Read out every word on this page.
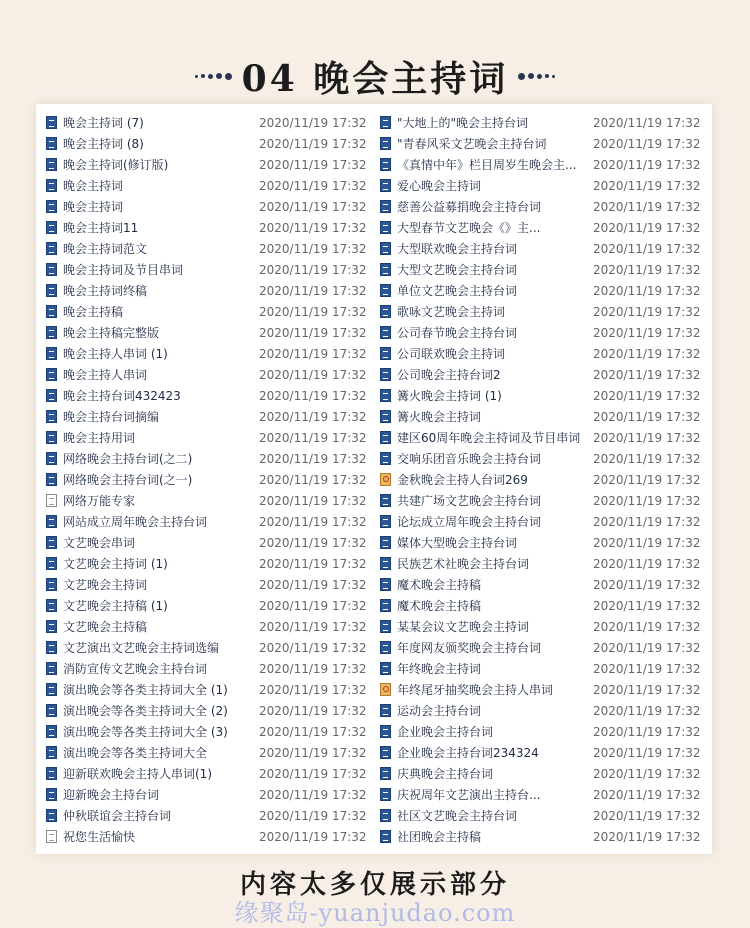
04 晚会主持词
晚会主持词 (7)	2020/11/19 17:32
晚会主持词 (8)	2020/11/19 17:32
晚会主持词(修订版)	2020/11/19 17:32
晚会主持词	2020/11/19 17:32
晚会主持词	2020/11/19 17:32
晚会主持词11	2020/11/19 17:32
晚会主持词范文	2020/11/19 17:32
晚会主持词及节目串词	2020/11/19 17:32
晚会主持词终稿	2020/11/19 17:32
晚会主持稿	2020/11/19 17:32
晚会主持稿完整版	2020/11/19 17:32
晚会主持人串词 (1)	2020/11/19 17:32
晚会主持人串词	2020/11/19 17:32
晚会主持台词432423	2020/11/19 17:32
晚会主持台词摘编	2020/11/19 17:32
晚会主持用词	2020/11/19 17:32
网络晚会主持台词(之二)	2020/11/19 17:32
网络晚会主持台词(之一)	2020/11/19 17:32
网络万能专家	2020/11/19 17:32
网站成立周年晚会主持台词	2020/11/19 17:32
文艺晚会串词	2020/11/19 17:32
文艺晚会主持词 (1)	2020/11/19 17:32
文艺晚会主持词	2020/11/19 17:32
文艺晚会主持稿 (1)	2020/11/19 17:32
文艺晚会主持稿	2020/11/19 17:32
文艺演出文艺晚会主持词选编	2020/11/19 17:32
消防宣传文艺晚会主持台词	2020/11/19 17:32
演出晚会等各类主持词大全 (1)	2020/11/19 17:32
演出晚会等各类主持词大全 (2)	2020/11/19 17:32
演出晚会等各类主持词大全 (3)	2020/11/19 17:32
演出晚会等各类主持词大全	2020/11/19 17:32
迎新联欢晚会主持人串词(1)	2020/11/19 17:32
迎新晚会主持台词	2020/11/19 17:32
仲秋联谊会主持台词	2020/11/19 17:32
祝您生活愉快	2020/11/19 17:32
"大地上的"晚会主持台词	2020/11/19 17:32
"青春风采文艺晚会主持台词	2020/11/19 17:32
《真情中年》栏目周岁生晚会主...	2020/11/19 17:32
爱心晚会主持词	2020/11/19 17:32
慈善公益募捐晚会主持台词	2020/11/19 17:32
大型春节文艺晚会《》主...	2020/11/19 17:32
大型联欢晚会主持台词	2020/11/19 17:32
大型文艺晚会主持台词	2020/11/19 17:32
单位文艺晚会主持台词	2020/11/19 17:32
歌咏文艺晚会主持词	2020/11/19 17:32
公司春节晚会主持台词	2020/11/19 17:32
公司联欢晚会主持词	2020/11/19 17:32
公司晚会主持台词2	2020/11/19 17:32
篝火晚会主持词 (1)	2020/11/19 17:32
篝火晚会主持词	2020/11/19 17:32
建区60周年晚会主持词及节目串词	2020/11/19 17:32
交响乐团音乐晚会主持台词	2020/11/19 17:32
金秋晚会主持人台词269	2020/11/19 17:32
共建广场文艺晚会主持台词	2020/11/19 17:32
论坛成立周年晚会主持台词	2020/11/19 17:32
媒体大型晚会主持台词	2020/11/19 17:32
民族艺术社晚会主持台词	2020/11/19 17:32
魔术晚会主持稿	2020/11/19 17:32
魔术晚会主持稿	2020/11/19 17:32
某某会议文艺晚会主持词	2020/11/19 17:32
年度网友颁奖晚会主持台词	2020/11/19 17:32
年终晚会主持词	2020/11/19 17:32
年终尾牙抽奖晚会主持人串词	2020/11/19 17:32
运动会主持台词	2020/11/19 17:32
企业晚会主持台词	2020/11/19 17:32
企业晚会主持台词234324	2020/11/19 17:32
庆典晚会主持台词	2020/11/19 17:32
庆祝周年文艺演出主持台...	2020/11/19 17:32
社区文艺晚会主持台词	2020/11/19 17:32
社团晚会主持稿	2020/11/19 17:32
内容太多仅展示部分
缘聚岛-yuanjudao.com
